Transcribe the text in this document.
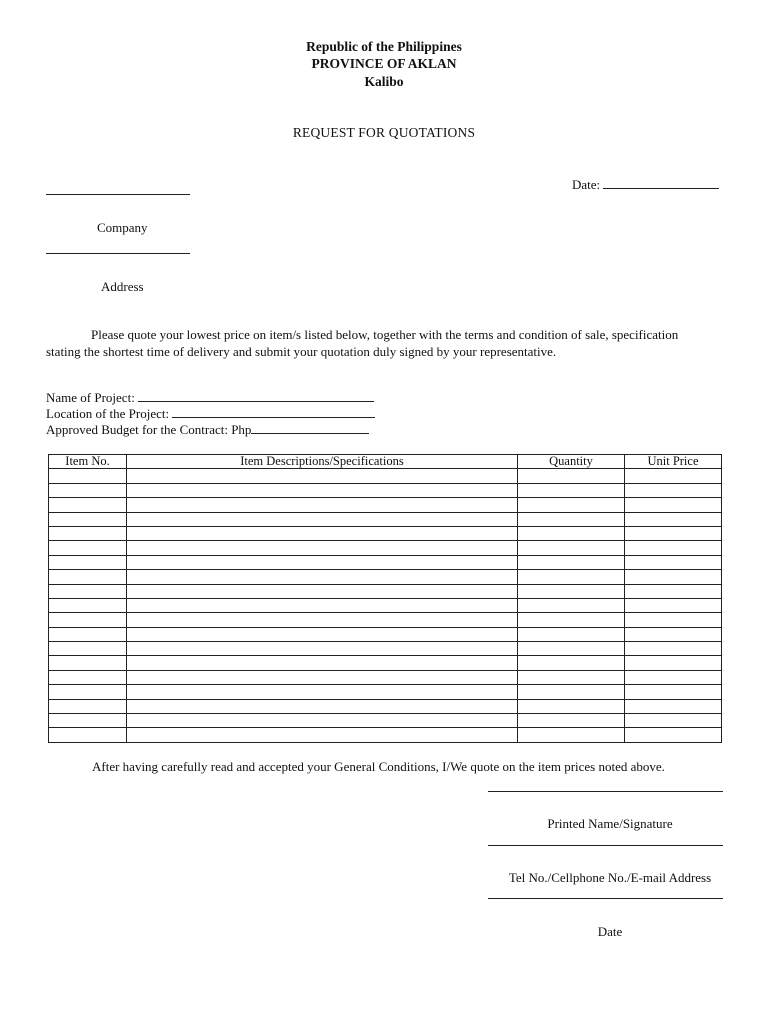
Republic of the Philippines
PROVINCE OF AKLAN
Kalibo
REQUEST FOR QUOTATIONS
Date:
Company
Address
Please quote your lowest price on item/s listed below, together with the terms and condition of sale, specification
stating the shortest time of delivery and submit your quotation duly signed by your representative.
Name of Project:
Location of the Project:
Approved Budget for the Contract: Php
Item No.	Item Descriptions/Specifications	Quantity	Unit Price

After having carefully read and accepted your General Conditions, I/We quote on the item prices noted above.
Printed Name/Signature
Tel No./Cellphone No./E-mail Address
Date
